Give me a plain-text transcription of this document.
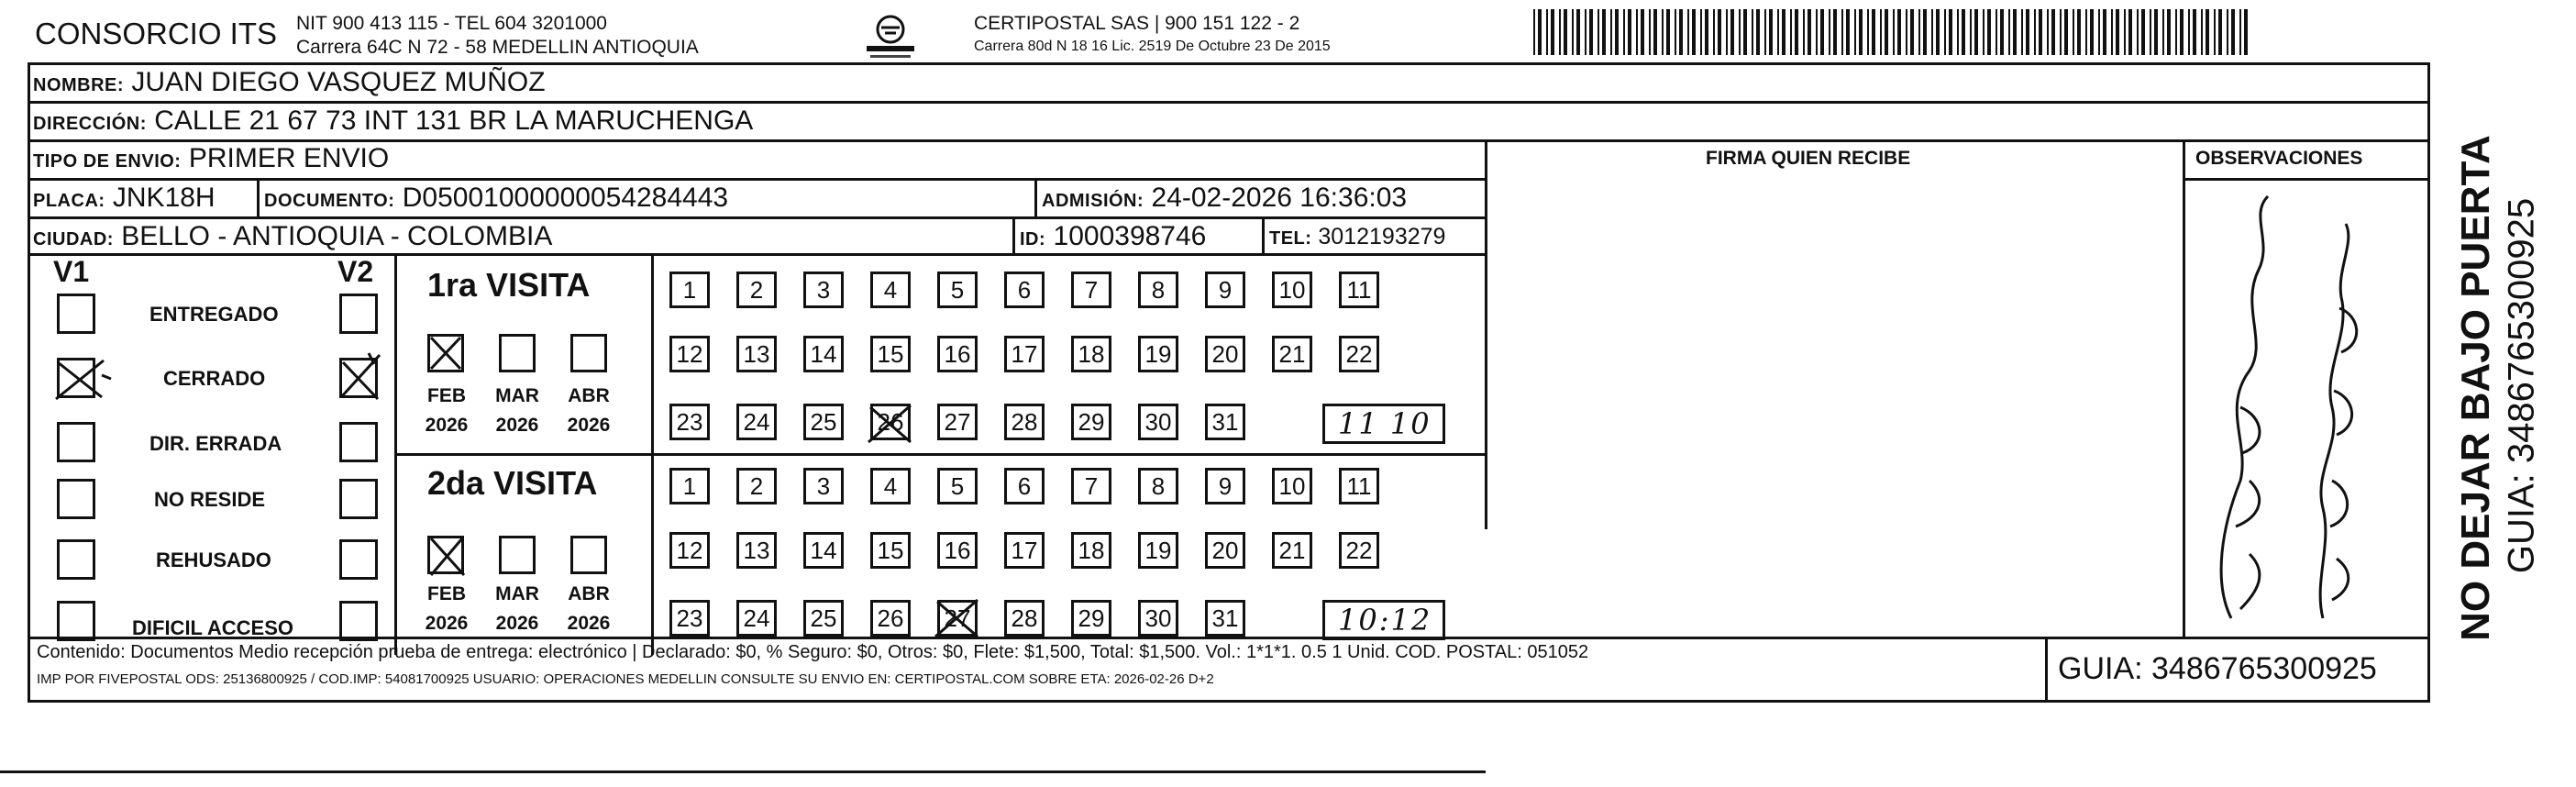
CONSORCIO ITS NIT 900 413 115 - TEL 604 3201000
Carrera 64C N 72 - 58 MEDELLIN ANTIOQUIA
CERTIPOSTAL SAS | 900 151 122 - 2
Carrera 80d N 18 16 Lic. 2519 De Octubre 23 De 2015
NOMBRE: JUAN DIEGO VASQUEZ MUÑOZ
DIRECCIÓN: CALLE 21 67 73 INT 131 BR LA MARUCHENGA
TIPO DE ENVIO: PRIMER ENVIO	FIRMA QUIEN RECIBE	OBSERVACIONES
PLACA: JNK18H	DOCUMENTO: D05001000000054284443	ADMISIÓN: 24-02-2026 16:36:03
CIUDAD: BELLO - ANTIOQUIA - COLOMBIA	ID: 1000398746	TEL: 3012193279
V1	V2
ENTREGADO
CERRADO
DIR. ERRADA
NO RESIDE
REHUSADO
DIFICIL ACCESO
1ra VISITA
FEB	MAR	ABR
2026	2026	2026
2da VISITA
FEB	MAR	ABR
2026	2026	2026
1	2	3	4	5	6	7	8	9	10	11
12 13 14 15 16 17 18 19 20 21 22
23 24 25 26 27 28 29 30 31
1	2	3	4	5	6	7	8	9	10	11
12 13 14 15 16 17 18 19 20 21 22
23 24 25 26 27 28 29 30 31
11 10
10:12
Contenido: Documentos Medio recepción prueba de entrega: electrónico | Declarado: $0, % Seguro: $0, Otros: $0, Flete: $1,500, Total: $1,500. Vol.: 1*1*1. 0.5 1 Unid. COD. POSTAL: 051052
IMP POR FIVEPOSTAL ODS: 25136800925 / COD.IMP: 54081700925 USUARIO: OPERACIONES MEDELLIN CONSULTE SU ENVIO EN: CERTIPOSTAL.COM SOBRE ETA: 2026-02-26 D+2	GUIA: 3486765300925
NO DEJAR BAJO PUERTA GUIA: 3486765300925
